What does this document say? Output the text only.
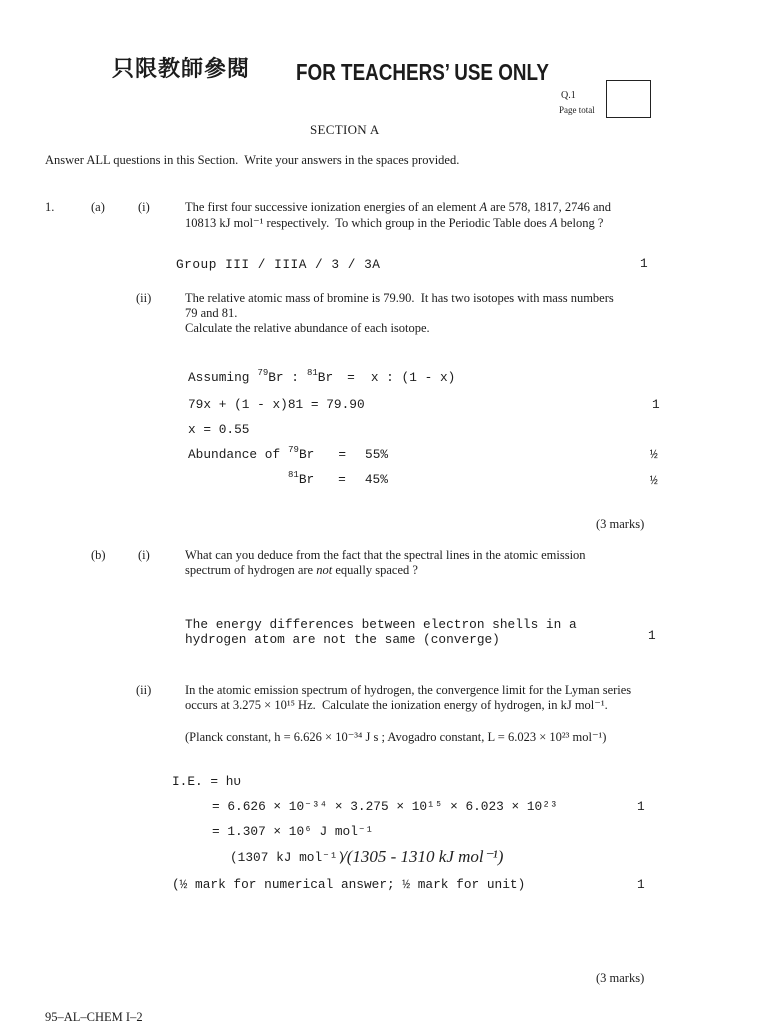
只限教師參閱 FOR TEACHERS’ USE ONLY
Q.1
Page total
SECTION A
Answer ALL questions in this Section.  Write your answers in the spaces provided.
1.	(a)	(i)	The first four successive ionization energies of an element A are 578, 1817, 2746 and
10813 kJ mol⁻¹ respectively.  To which group in the Periodic Table does A belong ?
Group III / IIIA / 3 / 3A	1
(ii)	The relative atomic mass of bromine is 79.90.  It has two isotopes with mass numbers
79 and 81.
Calculate the relative abundance of each isotope.
Assuming $^{79}$Br : $^{81}$Br = x : (1 - x)
79x + (1 - x)81 = 79.90	1
x = 0.55
Abundance of $^{79}$Br = 55%	½
$^{81}$Br = 45%	½
(3 marks)
(b)	(i)	What can you deduce from the fact that the spectral lines in the atomic emission
spectrum of hydrogen are not equally spaced ?
The energy differences between electron shells in a
hydrogen atom are not the same (converge)	1
(ii)	In the atomic emission spectrum of hydrogen, the convergence limit for the Lyman series
occurs at 3.275 × 10¹⁵ Hz.  Calculate the ionization energy of hydrogen, in kJ mol⁻¹.
(Planck constant, h = 6.626 × 10⁻³⁴ J s ; Avogadro constant, L = 6.023 × 10²³ mol⁻¹)
I.E. = hυ
= 6.626 × 10⁻³⁴ × 3.275 × 10¹⁵ × 6.023 × 10²³	1
= 1.307 × 10⁶ J mol⁻¹
(1307 kJ mol⁻¹)
/(1305 - 1310 kJ mol⁻¹)
(½ mark for numerical answer; ½ mark for unit)	1
(3 marks)
95–AL–CHEM I–2
